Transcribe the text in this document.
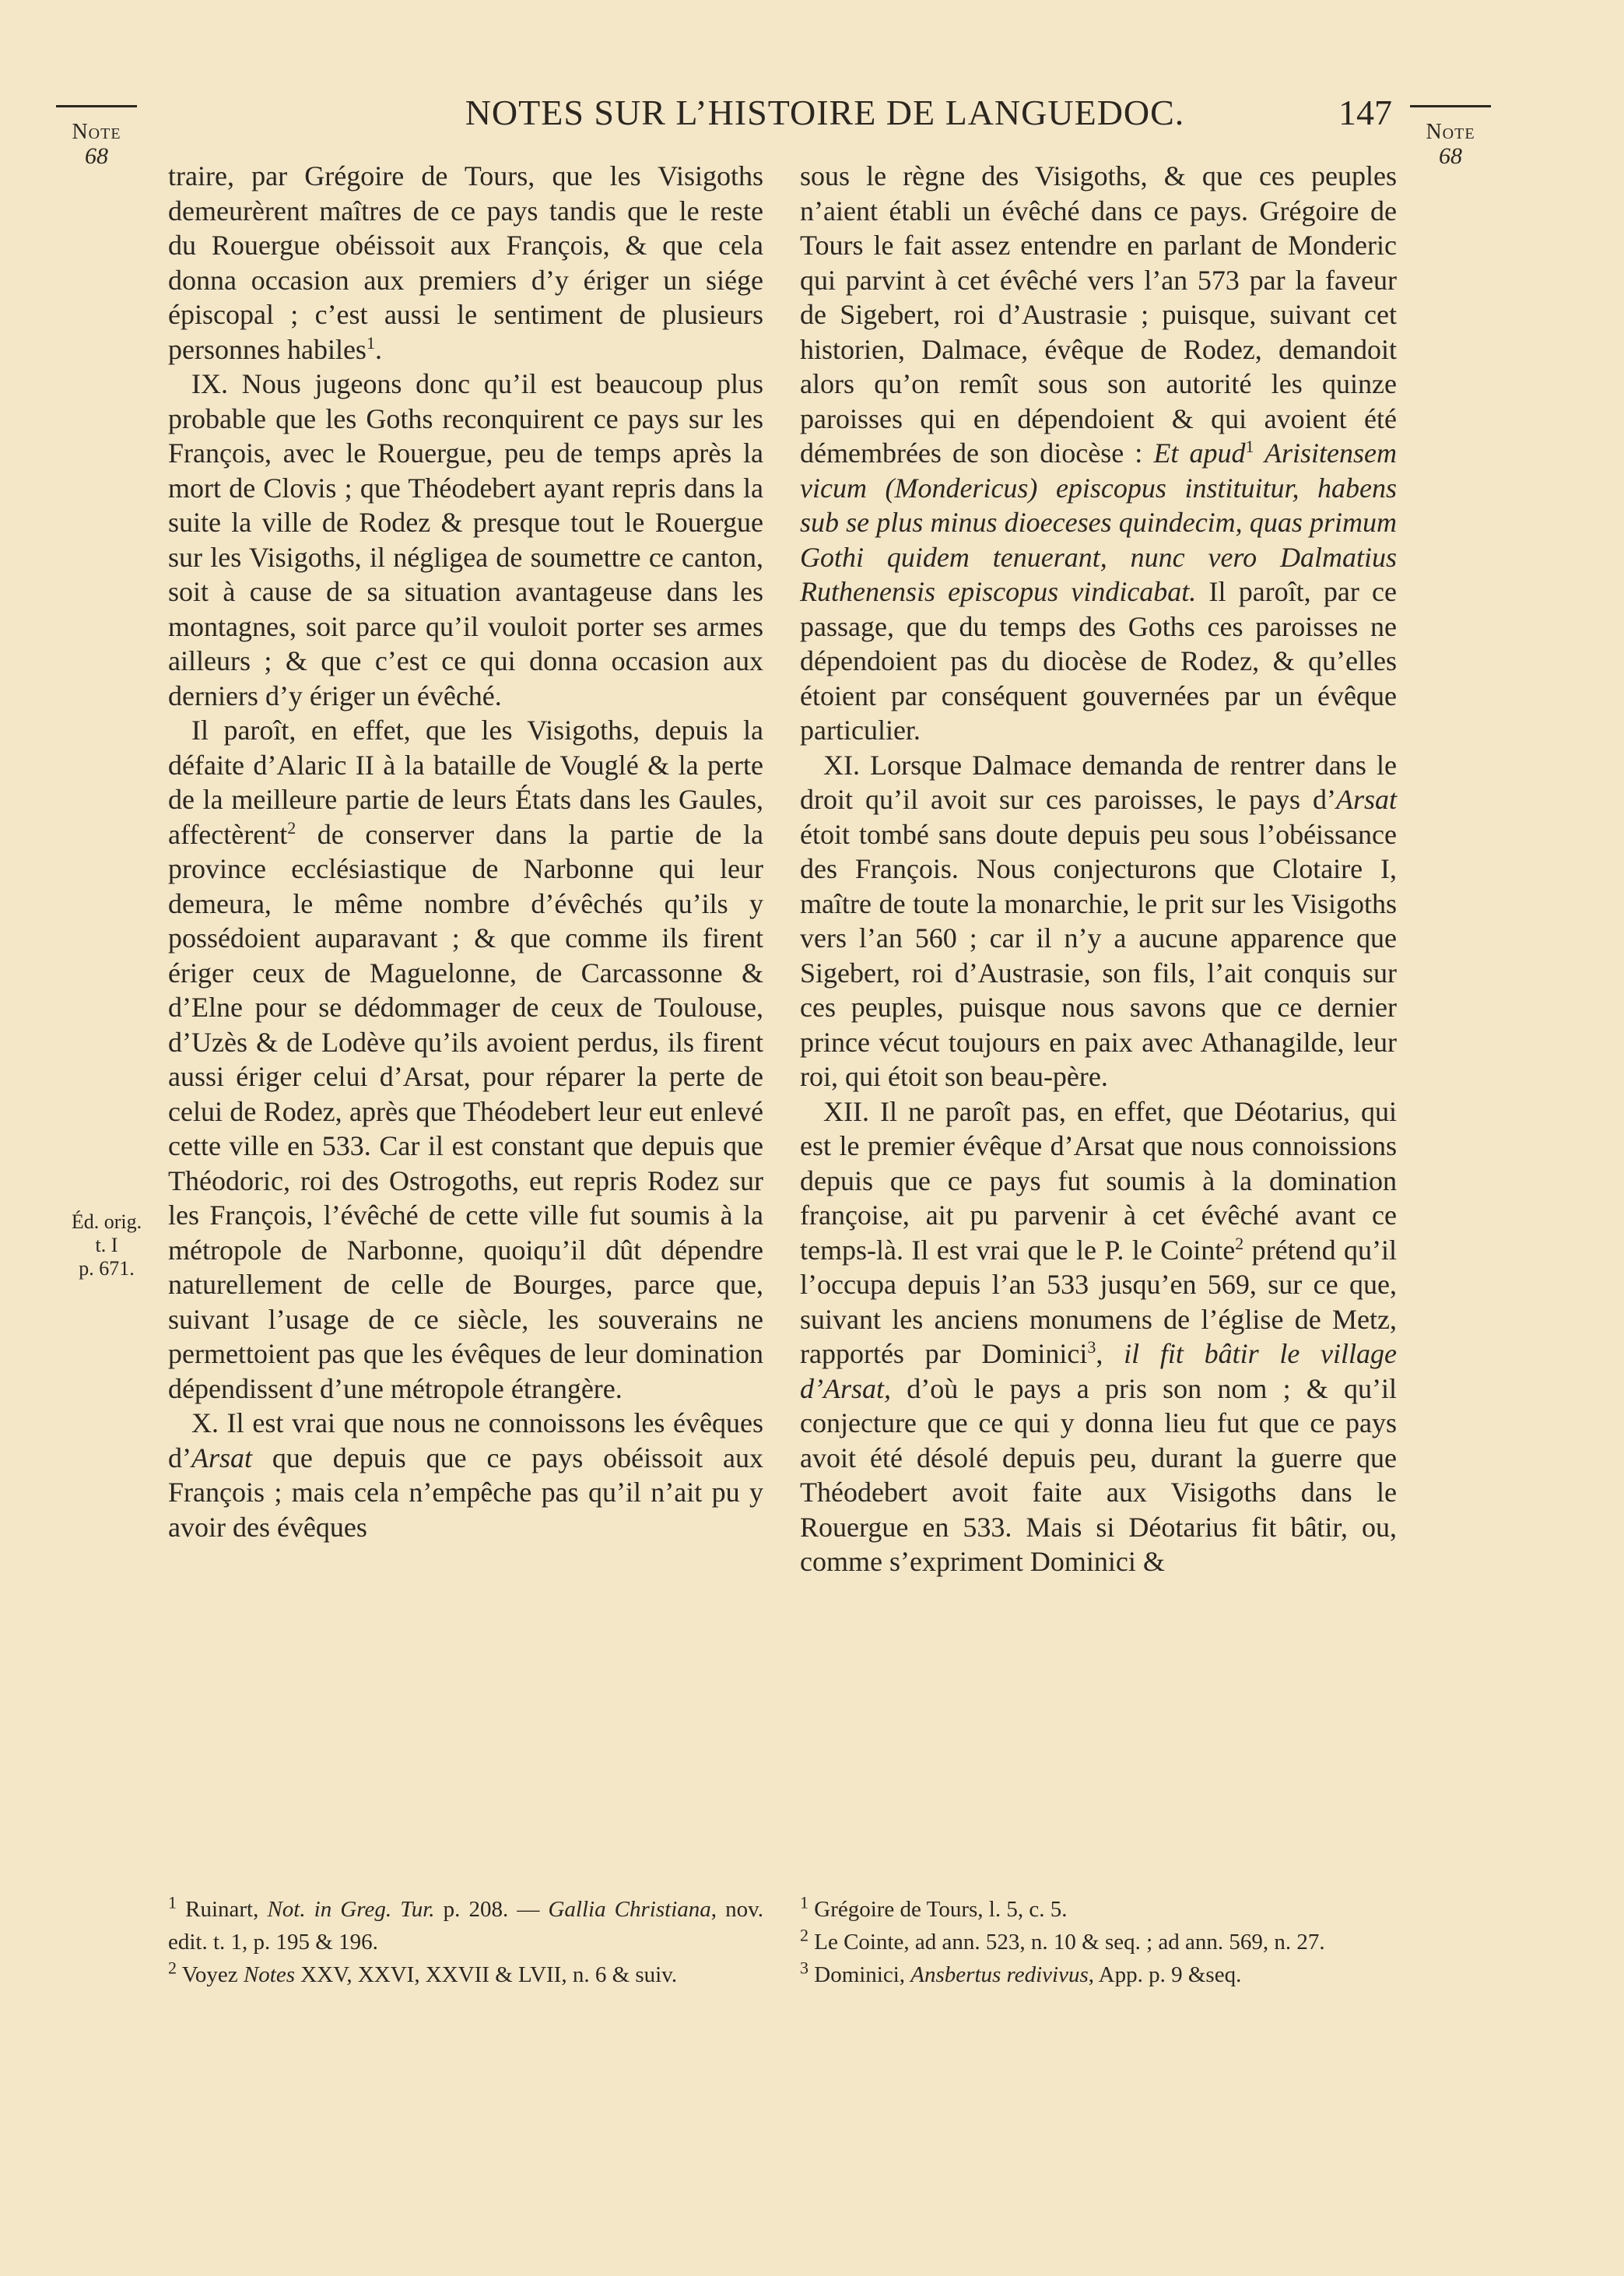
Note
68
NOTES SUR L’HISTOIRE DE LANGUEDOC.	147	Note
68
Éd. orig.
t. I
p. 671.

traire, par Grégoire de Tours, que les Visigoths demeurèrent maîtres de ce pays tandis que le reste du Rouergue obéissoit aux François, & que cela donna occasion aux premiers d’y ériger un siége épiscopal ; c’est aussi le sentiment de plusieurs personnes habiles$^1$.

IX. Nous jugeons donc qu’il est beaucoup plus probable que les Goths reconquirent ce pays sur les François, avec le Rouergue, peu de temps après la mort de Clovis ; que Théodebert ayant repris dans la suite la ville de Rodez & presque tout le Rouergue sur les Visigoths, il négligea de soumettre ce canton, soit à cause de sa situation avantageuse dans les montagnes, soit parce qu’il vouloit porter ses armes ailleurs ; & que c’est ce qui donna occasion aux derniers d’y ériger un évêché.

Il paroît, en effet, que les Visigoths, depuis la défaite d’Alaric II à la bataille de Vouglé & la perte de la meilleure partie de leurs États dans les Gaules, affectèrent$^2$ de conserver dans la partie de la province ecclésiastique de Narbonne qui leur demeura, le même nombre d’évêchés qu’ils y possédoient auparavant ; & que comme ils firent ériger ceux de Maguelonne, de Carcassonne & d’Elne pour se dédommager de ceux de Toulouse, d’Uzès & de Lodève qu’ils avoient perdus, ils firent aussi ériger celui d’Arsat, pour réparer la perte de celui de Rodez, après que Théodebert leur eut enlevé cette ville en 533. Car il est constant que depuis que Théodoric, roi des Ostrogoths, eut repris Rodez sur les François, l’évêché de cette ville fut soumis à la métropole de Narbonne, quoiqu’il dût dépendre naturellement de celle de Bourges, parce que, suivant l’usage de ce siècle, les souverains ne permettoient pas que les évêques de leur domination dépendissent d’une métropole étrangère.

X. Il est vrai que nous ne connoissons les évêques d’Arsat que depuis que ce pays obéissoit aux François ; mais cela n’empêche pas qu’il n’ait pu y avoir des évêques

sous le règne des Visigoths, & que ces peuples n’aient établi un évêché dans ce pays. Grégoire de Tours le fait assez entendre en parlant de Monderic qui parvint à cet évêché vers l’an 573 par la faveur de Sigebert, roi d’Austrasie ; puisque, suivant cet historien, Dalmace, évêque de Rodez, demandoit alors qu’on remît sous son autorité les quinze paroisses qui en dépendoient & qui avoient été démembrées de son diocèse : Et apud$^1$ Arisitensem vicum (Mondericus) episcopus instituitur, habens sub se plus minus dioeceses quindecim, quas primum Gothi quidem tenuerant, nunc vero Dalmatius Ruthenensis episcopus vindicabat. Il paroît, par ce passage, que du temps des Goths ces paroisses ne dépendoient pas du diocèse de Rodez, & qu’elles étoient par conséquent gouvernées par un évêque particulier.

XI. Lorsque Dalmace demanda de rentrer dans le droit qu’il avoit sur ces paroisses, le pays d’Arsat étoit tombé sans doute depuis peu sous l’obéissance des François. Nous conjecturons que Clotaire I, maître de toute la monarchie, le prit sur les Visigoths vers l’an 560 ; car il n’y a aucune apparence que Sigebert, roi d’Austrasie, son fils, l’ait conquis sur ces peuples, puisque nous savons que ce dernier prince vécut toujours en paix avec Athanagilde, leur roi, qui étoit son beau-père.

XII. Il ne paroît pas, en effet, que Déotarius, qui est le premier évêque d’Arsat que nous connoissions depuis que ce pays fut soumis à la domination françoise, ait pu parvenir à cet évêché avant ce temps-là. Il est vrai que le P. le Cointe$^2$ prétend qu’il l’occupa depuis l’an 533 jusqu’en 569, sur ce que, suivant les anciens monumens de l’église de Metz, rapportés par Dominici$^3$, il fit bâtir le village d’Arsat, d’où le pays a pris son nom ; & qu’il conjecture que ce qui y donna lieu fut que ce pays avoit été désolé depuis peu, durant la guerre que Théodebert avoit faite aux Visigoths dans le Rouergue en 533. Mais si Déotarius fit bâtir, ou, comme s’expriment Dominici &

$^1$ Ruinart, Not. in Greg. Tur. p. 208. — Gallia Christiana, nov. edit. t. 1, p. 195 & 196.

$^2$ Voyez Notes XXV, XXVI, XXVII & LVII, n. 6 & suiv.

$^1$ Grégoire de Tours, l. 5, c. 5.

$^2$ Le Cointe, ad ann. 523, n. 10 & seq. ; ad ann. 569, n. 27.

$^3$ Dominici, Ansbertus redivivus, App. p. 9 &seq.
